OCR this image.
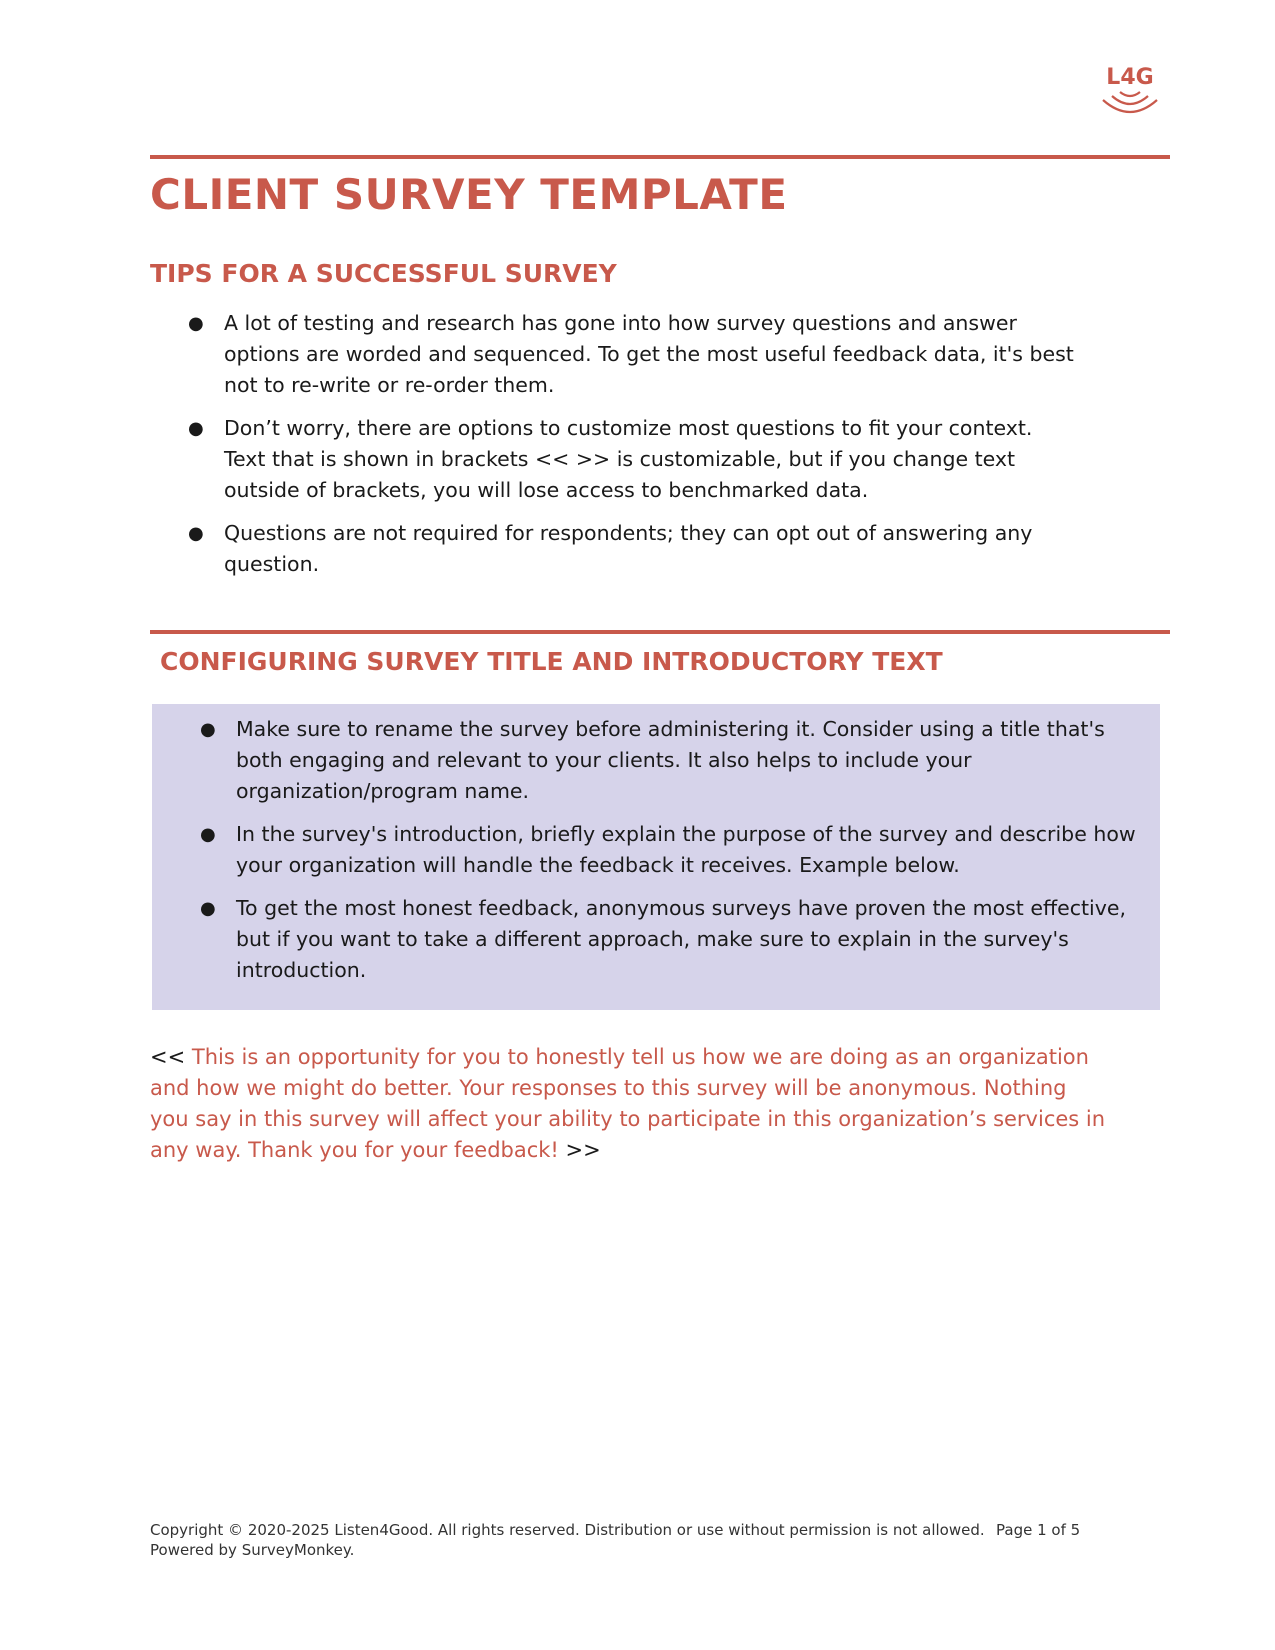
L4G
CLIENT SURVEY TEMPLATE
TIPS FOR A SUCCESSFUL SURVEY
● A lot of testing and research has gone into how survey questions and answer options are worded and sequenced. To get the most useful feedback data, it's best not to re-write or re-order them.
● Don’t worry, there are options to customize most questions to fit your context. Text that is shown in brackets << >> is customizable, but if you change text outside of brackets, you will lose access to benchmarked data.
● Questions are not required for respondents; they can opt out of answering any question.
CONFIGURING SURVEY TITLE AND INTRODUCTORY TEXT
● Make sure to rename the survey before administering it. Consider using a title that's both engaging and relevant to your clients. It also helps to include your organization/program name.
● In the survey's introduction, briefly explain the purpose of the survey and describe how your organization will handle the feedback it receives. Example below.
● To get the most honest feedback, anonymous surveys have proven the most effective, but if you want to take a different approach, make sure to explain in the survey's introduction.

<< This is an opportunity for you to honestly tell us how we are doing as an organization and how we might do better. Your responses to this survey will be anonymous. Nothing you say in this survey will affect your ability to participate in this organization’s services in any way. Thank you for your feedback! >>

Copyright © 2020-2025 Listen4Good. All rights reserved. Distribution or use without permission is not allowed. Page 1 of 5
Powered by SurveyMonkey.
